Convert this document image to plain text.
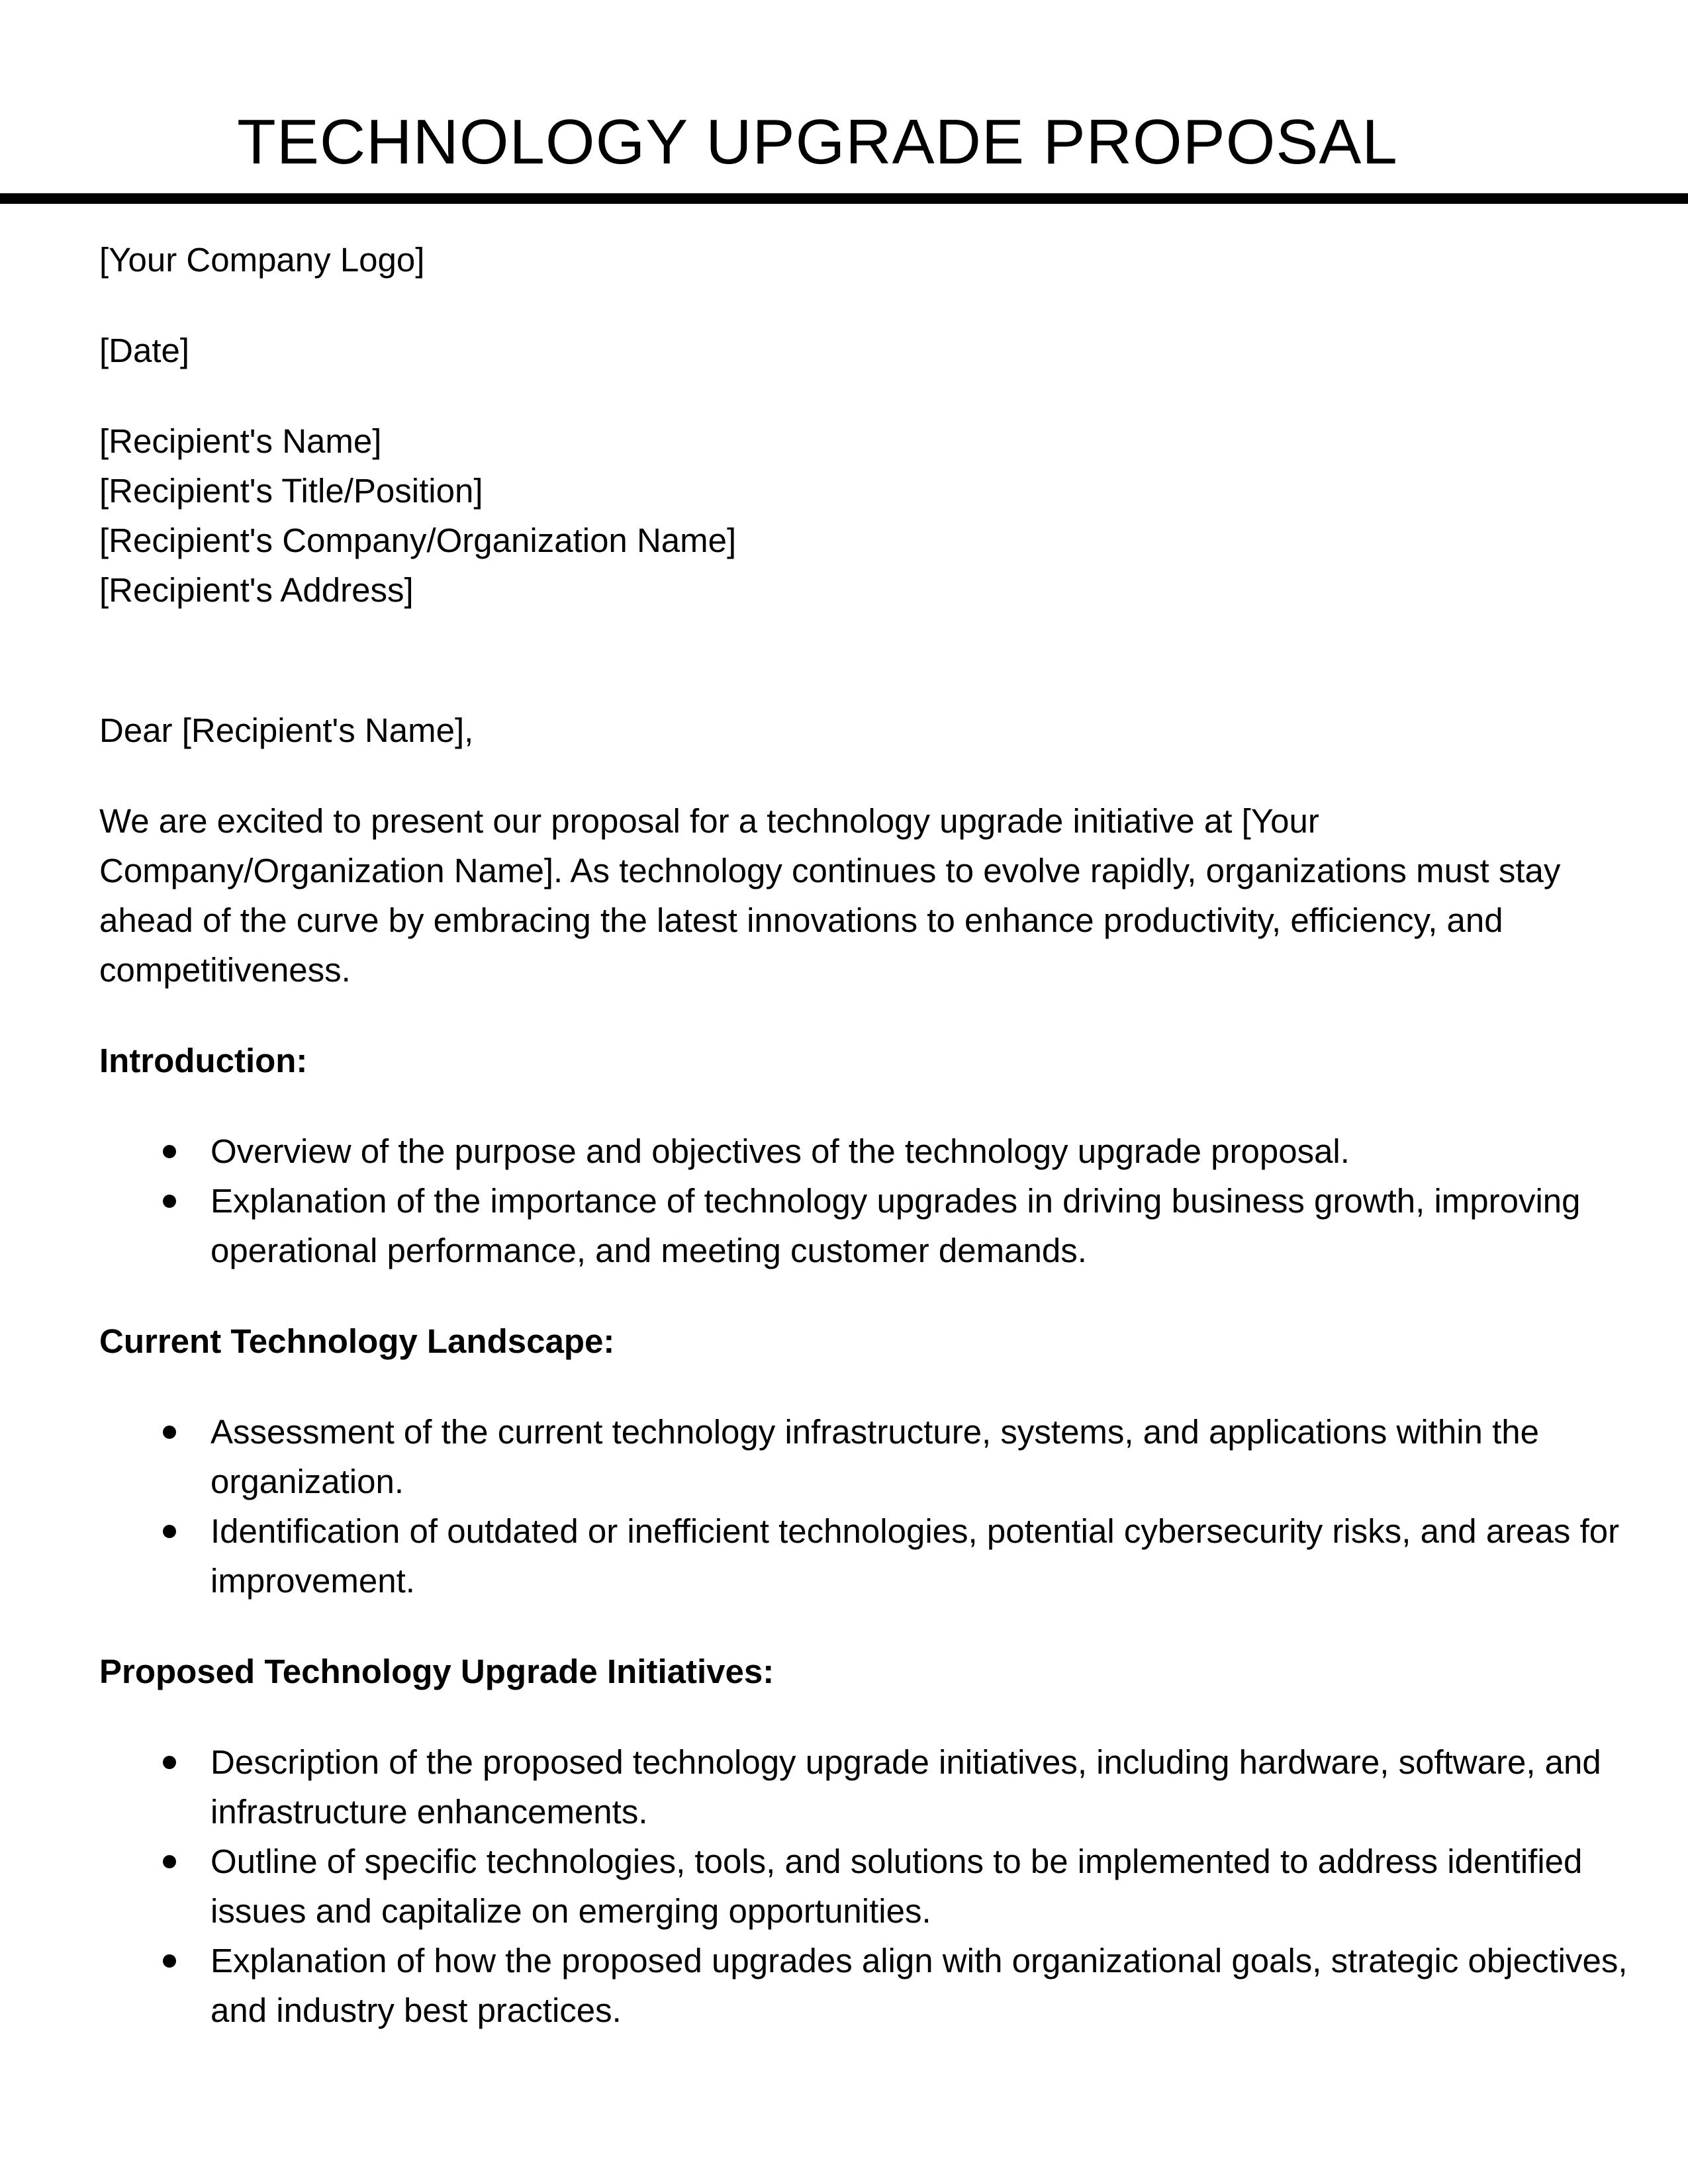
TECHNOLOGY UPGRADE PROPOSAL
[Your Company Logo]
[Date]
[Recipient's Name]
[Recipient's Title/Position]
[Recipient's Company/Organization Name]
[Recipient's Address]
Dear [Recipient's Name],

We are excited to present our proposal for a technology upgrade initiative at [Your Company/Organization Name]. As technology continues to evolve rapidly, organizations must stay ahead of the curve by embracing the latest innovations to enhance productivity, efficiency, and competitiveness.

Introduction:
Overview of the purpose and objectives of the technology upgrade proposal.
Explanation of the importance of technology upgrades in driving business growth, improving operational performance, and meeting customer demands.
Current Technology Landscape:
Assessment of the current technology infrastructure, systems, and applications within the organization.
Identification of outdated or inefficient technologies, potential cybersecurity risks, and areas for improvement.
Proposed Technology Upgrade Initiatives:
Description of the proposed technology upgrade initiatives, including hardware, software, and infrastructure enhancements.
Outline of specific technologies, tools, and solutions to be implemented to address identified issues and capitalize on emerging opportunities.
Explanation of how the proposed upgrades align with organizational goals, strategic objectives, and industry best practices.
